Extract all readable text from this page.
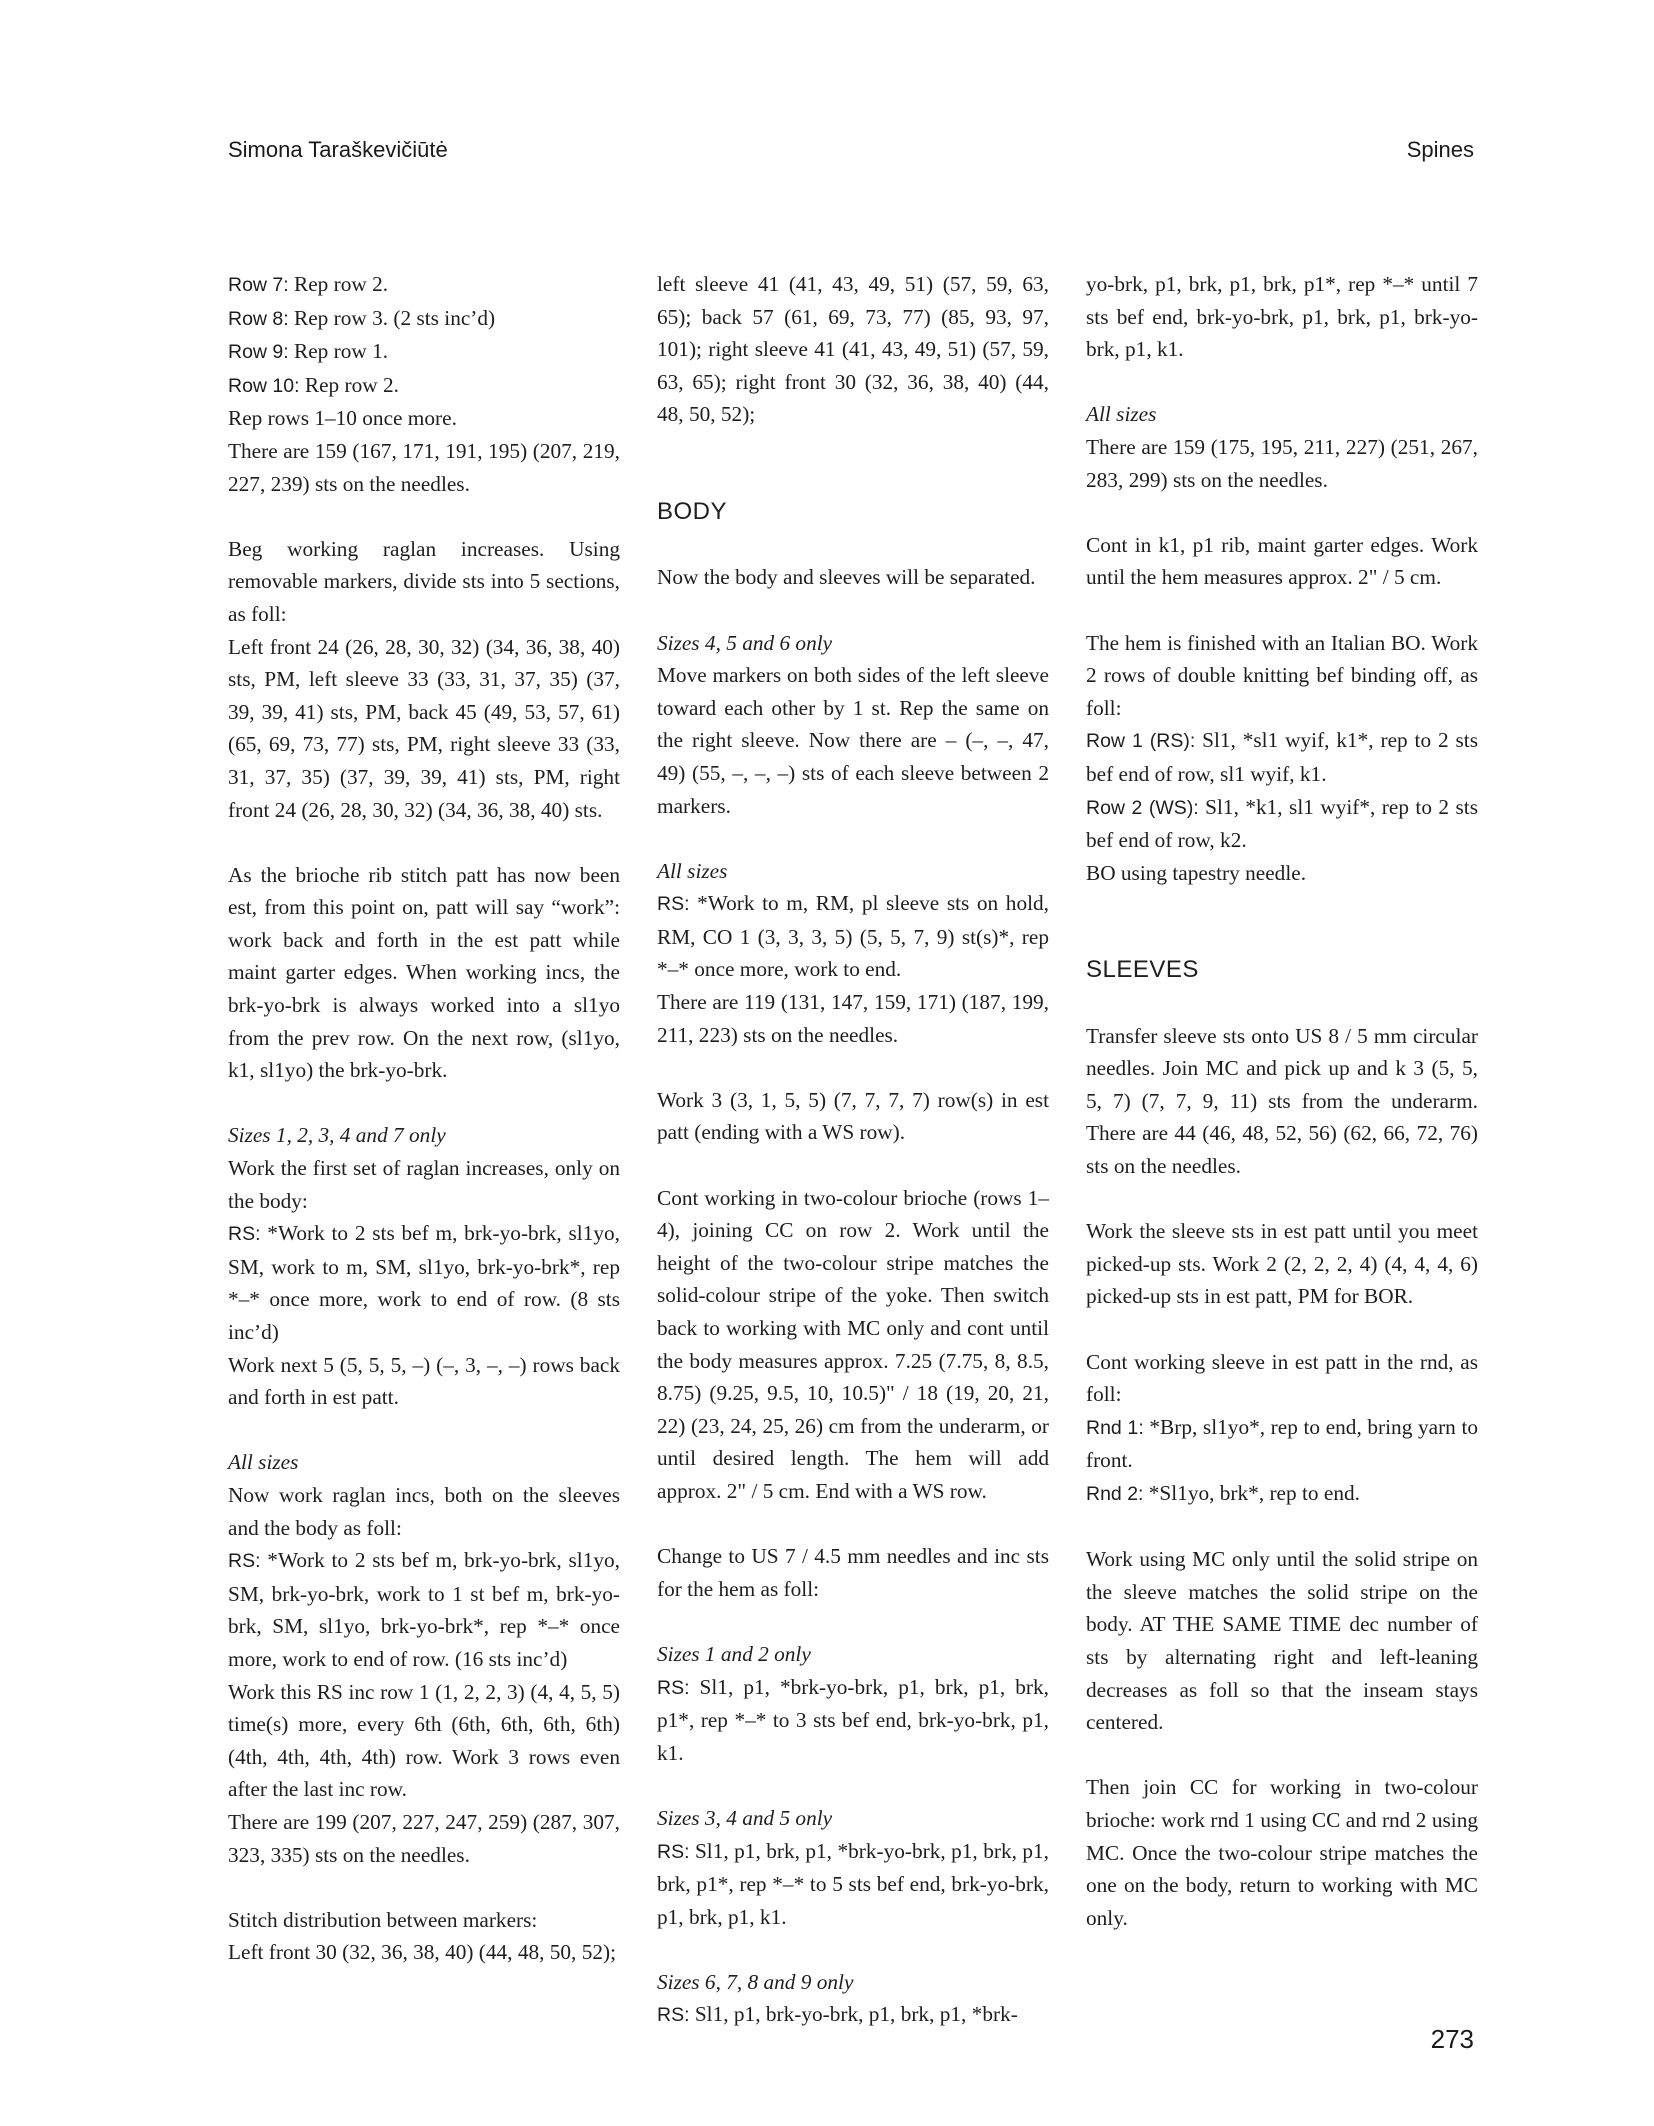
Simona Taraškevičiūtė	Spines

Row 7: Rep row 2.
Row 8: Rep row 3. (2 sts inc’d)
Row 9: Rep row 1.
Row 10: Rep row 2.
Rep rows 1–10 once more.
There are 159 (167, 171, 191, 195) (207, 219, 227, 239) sts on the needles.

Beg working raglan increases. Using removable markers, divide sts into 5 sections, as foll:
Left front 24 (26, 28, 30, 32) (34, 36, 38, 40) sts, PM, left sleeve 33 (33, 31, 37, 35) (37, 39, 39, 41) sts, PM, back 45 (49, 53, 57, 61) (65, 69, 73, 77) sts, PM, right sleeve 33 (33, 31, 37, 35) (37, 39, 39, 41) sts, PM, right front 24 (26, 28, 30, 32) (34, 36, 38, 40) sts.

As the brioche rib stitch patt has now been est, from this point on, patt will say “work”: work back and forth in the est patt while maint garter edges. When working incs, the brk-yo-brk is always worked into a sl1yo from the prev row. On the next row, (sl1yo, k1, sl1yo) the brk-yo-brk.

Sizes 1, 2, 3, 4 and 7 only
Work the first set of raglan increases, only on the body:
RS: *Work to 2 sts bef m, brk-yo-brk, sl1yo, SM, work to m, SM, sl1yo, brk-yo-brk*, rep *–* once more, work to end of row. (8 sts inc’d)
Work next 5 (5, 5, 5, –) (–, 3, –, –) rows back and forth in est patt.

All sizes
Now work raglan incs, both on the sleeves and the body as foll:
RS: *Work to 2 sts bef m, brk-yo-brk, sl1yo, SM, brk-yo-brk, work to 1 st bef m, brk-yo-brk, SM, sl1yo, brk-yo-brk*, rep *–* once more, work to end of row. (16 sts inc’d)
Work this RS inc row 1 (1, 2, 2, 3) (4, 4, 5, 5) time(s) more, every 6th (6th, 6th, 6th, 6th) (4th, 4th, 4th, 4th) row. Work 3 rows even after the last inc row.
There are 199 (207, 227, 247, 259) (287, 307, 323, 335) sts on the needles.

Stitch distribution between markers:
Left front 30 (32, 36, 38, 40) (44, 48, 50, 52);

left sleeve 41 (41, 43, 49, 51) (57, 59, 63, 65); back 57 (61, 69, 73, 77) (85, 93, 97, 101); right sleeve 41 (41, 43, 49, 51) (57, 59, 63, 65); right front 30 (32, 36, 38, 40) (44, 48, 50, 52);

BODY

Now the body and sleeves will be separated.

Sizes 4, 5 and 6 only
Move markers on both sides of the left sleeve toward each other by 1 st. Rep the same on the right sleeve. Now there are – (–, –, 47, 49) (55, –, –, –) sts of each sleeve between 2 markers.

All sizes
RS: *Work to m, RM, pl sleeve sts on hold, RM, CO 1 (3, 3, 3, 5) (5, 5, 7, 9) st(s)*, rep *–* once more, work to end.
There are 119 (131, 147, 159, 171) (187, 199, 211, 223) sts on the needles.

Work 3 (3, 1, 5, 5) (7, 7, 7, 7) row(s) in est patt (ending with a WS row).

Cont working in two-colour brioche (rows 1–4), joining CC on row 2. Work until the height of the two-colour stripe matches the solid-colour stripe of the yoke. Then switch back to working with MC only and cont until the body measures approx. 7.25 (7.75, 8, 8.5, 8.75) (9.25, 9.5, 10, 10.5)" / 18 (19, 20, 21, 22) (23, 24, 25, 26) cm from the underarm, or until desired length. The hem will add approx. 2" / 5 cm. End with a WS row.

Change to US 7 / 4.5 mm needles and inc sts for the hem as foll:

Sizes 1 and 2 only
RS: Sl1, p1, *brk-yo-brk, p1, brk, p1, brk, p1*, rep *–* to 3 sts bef end, brk-yo-brk, p1, k1.

Sizes 3, 4 and 5 only
RS: Sl1, p1, brk, p1, *brk-yo-brk, p1, brk, p1, brk, p1*, rep *–* to 5 sts bef end, brk-yo-brk, p1, brk, p1, k1.

Sizes 6, 7, 8 and 9 only
RS: Sl1, p1, brk-yo-brk, p1, brk, p1, *brk-

yo-brk, p1, brk, p1, brk, p1*, rep *–* until 7 sts bef end, brk-yo-brk, p1, brk, p1, brk-yo-brk, p1, k1.

All sizes
There are 159 (175, 195, 211, 227) (251, 267, 283, 299) sts on the needles.

Cont in k1, p1 rib, maint garter edges. Work until the hem measures approx. 2" / 5 cm.

The hem is finished with an Italian BO. Work 2 rows of double knitting bef binding off, as foll:
Row 1 (RS): Sl1, *sl1 wyif, k1*, rep to 2 sts bef end of row, sl1 wyif, k1.
Row 2 (WS): Sl1, *k1, sl1 wyif*, rep to 2 sts bef end of row, k2.
BO using tapestry needle.

SLEEVES

Transfer sleeve sts onto US 8 / 5 mm circular needles. Join MC and pick up and k 3 (5, 5, 5, 7) (7, 7, 9, 11) sts from the underarm. There are 44 (46, 48, 52, 56) (62, 66, 72, 76) sts on the needles.

Work the sleeve sts in est patt until you meet picked-up sts. Work 2 (2, 2, 2, 4) (4, 4, 4, 6) picked-up sts in est patt, PM for BOR.

Cont working sleeve in est patt in the rnd, as foll:
Rnd 1: *Brp, sl1yo*, rep to end, bring yarn to front.
Rnd 2: *Sl1yo, brk*, rep to end.

Work using MC only until the solid stripe on the sleeve matches the solid stripe on the body. AT THE SAME TIME dec number of sts by alternating right and left-leaning decreases as foll so that the inseam stays centered.

Then join CC for working in two-colour brioche: work rnd 1 using CC and rnd 2 using MC. Once the two-colour stripe matches the one on the body, return to working with MC only.

273
